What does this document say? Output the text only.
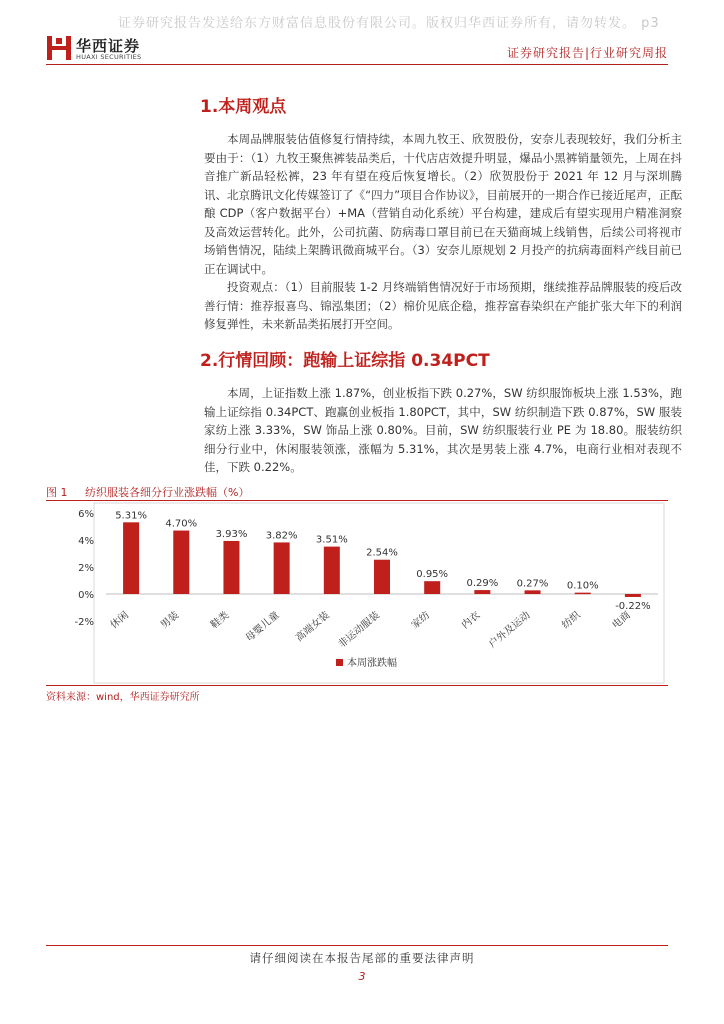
证券研究报告发送给东方财富信息股份有限公司。版权归华西证券所有，请勿转发。 p3
华西证券
HUAXI SECURITIES	证券研究报告|行业研究周报
1.本周观点

本周品牌服装估值修复行情持续，本周九牧王、欣贺股份，安奈儿表现较好，我们分析主要由于：（1）九牧王聚焦裤装品类后，十代店店效提升明显，爆品小黑裤销量领先，上周在抖音推广新品轻松裤，23 年有望在疫后恢复增长。（2）欣贺股份于 2021 年 12 月与深圳腾讯、北京腾讯文化传媒签订了《“四力”项目合作协议》，目前展开的一期合作已接近尾声，正酝酿 CDP（客户数据平台）+MA（营销自动化系统）平台构建，建成后有望实现用户精准洞察及高效运营转化。此外，公司抗菌、防病毒口罩目前已在天猫商城上线销售，后续公司将视市场销售情况，陆续上架腾讯微商城平台。（3）安奈儿原规划 2 月投产的抗病毒面料产线目前已正在调试中。

投资观点：（1）目前服装 1-2 月终端销售情况好于市场预期，继续推荐品牌服装的疫后改善行情：推荐报喜鸟、锦泓集团；（2）棉价见底企稳，推荐富春染织在产能扩张大年下的利润修复弹性，未来新品类拓展打开空间。

2.行情回顾：跑输上证综指 0.34PCT

本周，上证指数上涨 1.87%，创业板指下跌 0.27%，SW 纺织服饰板块上涨 1.53%，跑输上证综指 0.34PCT、跑赢创业板指 1.80PCT，其中，SW 纺织制造下跌 0.87%，SW 服装家纺上涨 3.33%，SW 饰品上涨 0.80%。目前，SW 纺织服装行业 PE 为 18.80。服装纺织细分行业中，休闲服装领涨，涨幅为 5.31%，其次是男装上涨 4.7%，电商行业相对表现不佳，下跌 0.22%。

图 1 纺织服装各细分行业涨跌幅（%）
6%
4%
2%
0%
-2%
5.31%
休闲
4.70%
男装
3.93%
鞋类
3.82%
母婴儿童
3.51%
高端女装
2.54%
非运动服装
0.95%
家纺
0.29%
内衣
0.27%
户外及运动
0.10%
纺织
-0.22%
电商
本周涨跌幅
资料来源：wind，华西证券研究所
请仔细阅读在本报告尾部的重要法律声明
3
